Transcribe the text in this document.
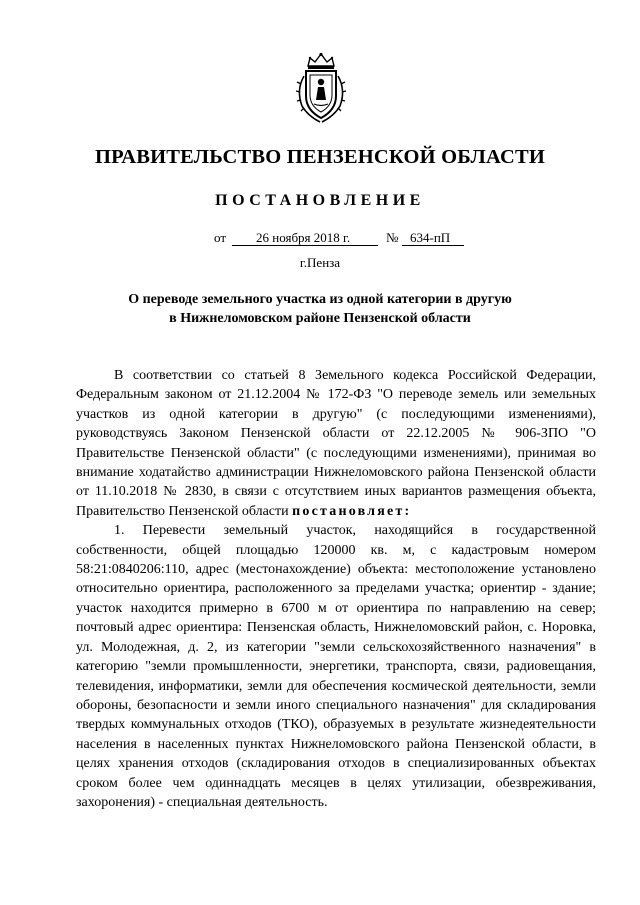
ПРАВИТЕЛЬСТВО ПЕНЗЕНСКОЙ ОБЛАСТИ
ПОСТАНОВЛЕНИЕ
от 26 ноября 2018 г.	№ 634-пП
г.Пенза
О переводе земельного участка из одной категории в другую
в Нижнеломовском районе Пензенской области

В соответствии со статьей 8 Земельного кодекса Российской Федерации, Федеральным законом от 21.12.2004 № 172-ФЗ "О переводе земель или земельных участков из одной категории в другую" (с последующими изменениями), руководствуясь Законом Пензенской области от 22.12.2005 № 906-ЗПО "О Правительстве Пензенской области" (с последующими изменениями), принимая во внимание ходатайство администрации Нижнеломовского района Пензенской области от 11.10.2018 № 2830, в связи с отсутствием иных вариантов размещения объекта, Правительство Пензенской области постановляет:

1. Перевести земельный участок, находящийся в государственной собственности, общей площадью 120000 кв. м, с кадастровым номером 58:21:0840206:110, адрес (местонахождение) объекта: местоположение установлено относительно ориентира, расположенного за пределами участка; ориентир - здание; участок находится примерно в 6700 м от ориентира по направлению на север; почтовый адрес ориентира: Пензенская область, Нижнеломовский район, с. Норовка, ул. Молодежная, д. 2, из категории "земли сельскохозяйственного назначения" в категорию "земли промышленности, энергетики, транспорта, связи, радиовещания, телевидения, информатики, земли для обеспечения космической деятельности, земли обороны, безопасности и земли иного специального назначения" для складирования твердых коммунальных отходов (ТКО), образуемых в результате жизнедеятельности населения в населенных пунктах Нижнеломовского района Пензенской области, в целях хранения отходов (складирования отходов в специализированных объектах сроком более чем одиннадцать месяцев в целях утилизации, обезвреживания, захоронения) - специальная деятельность.
